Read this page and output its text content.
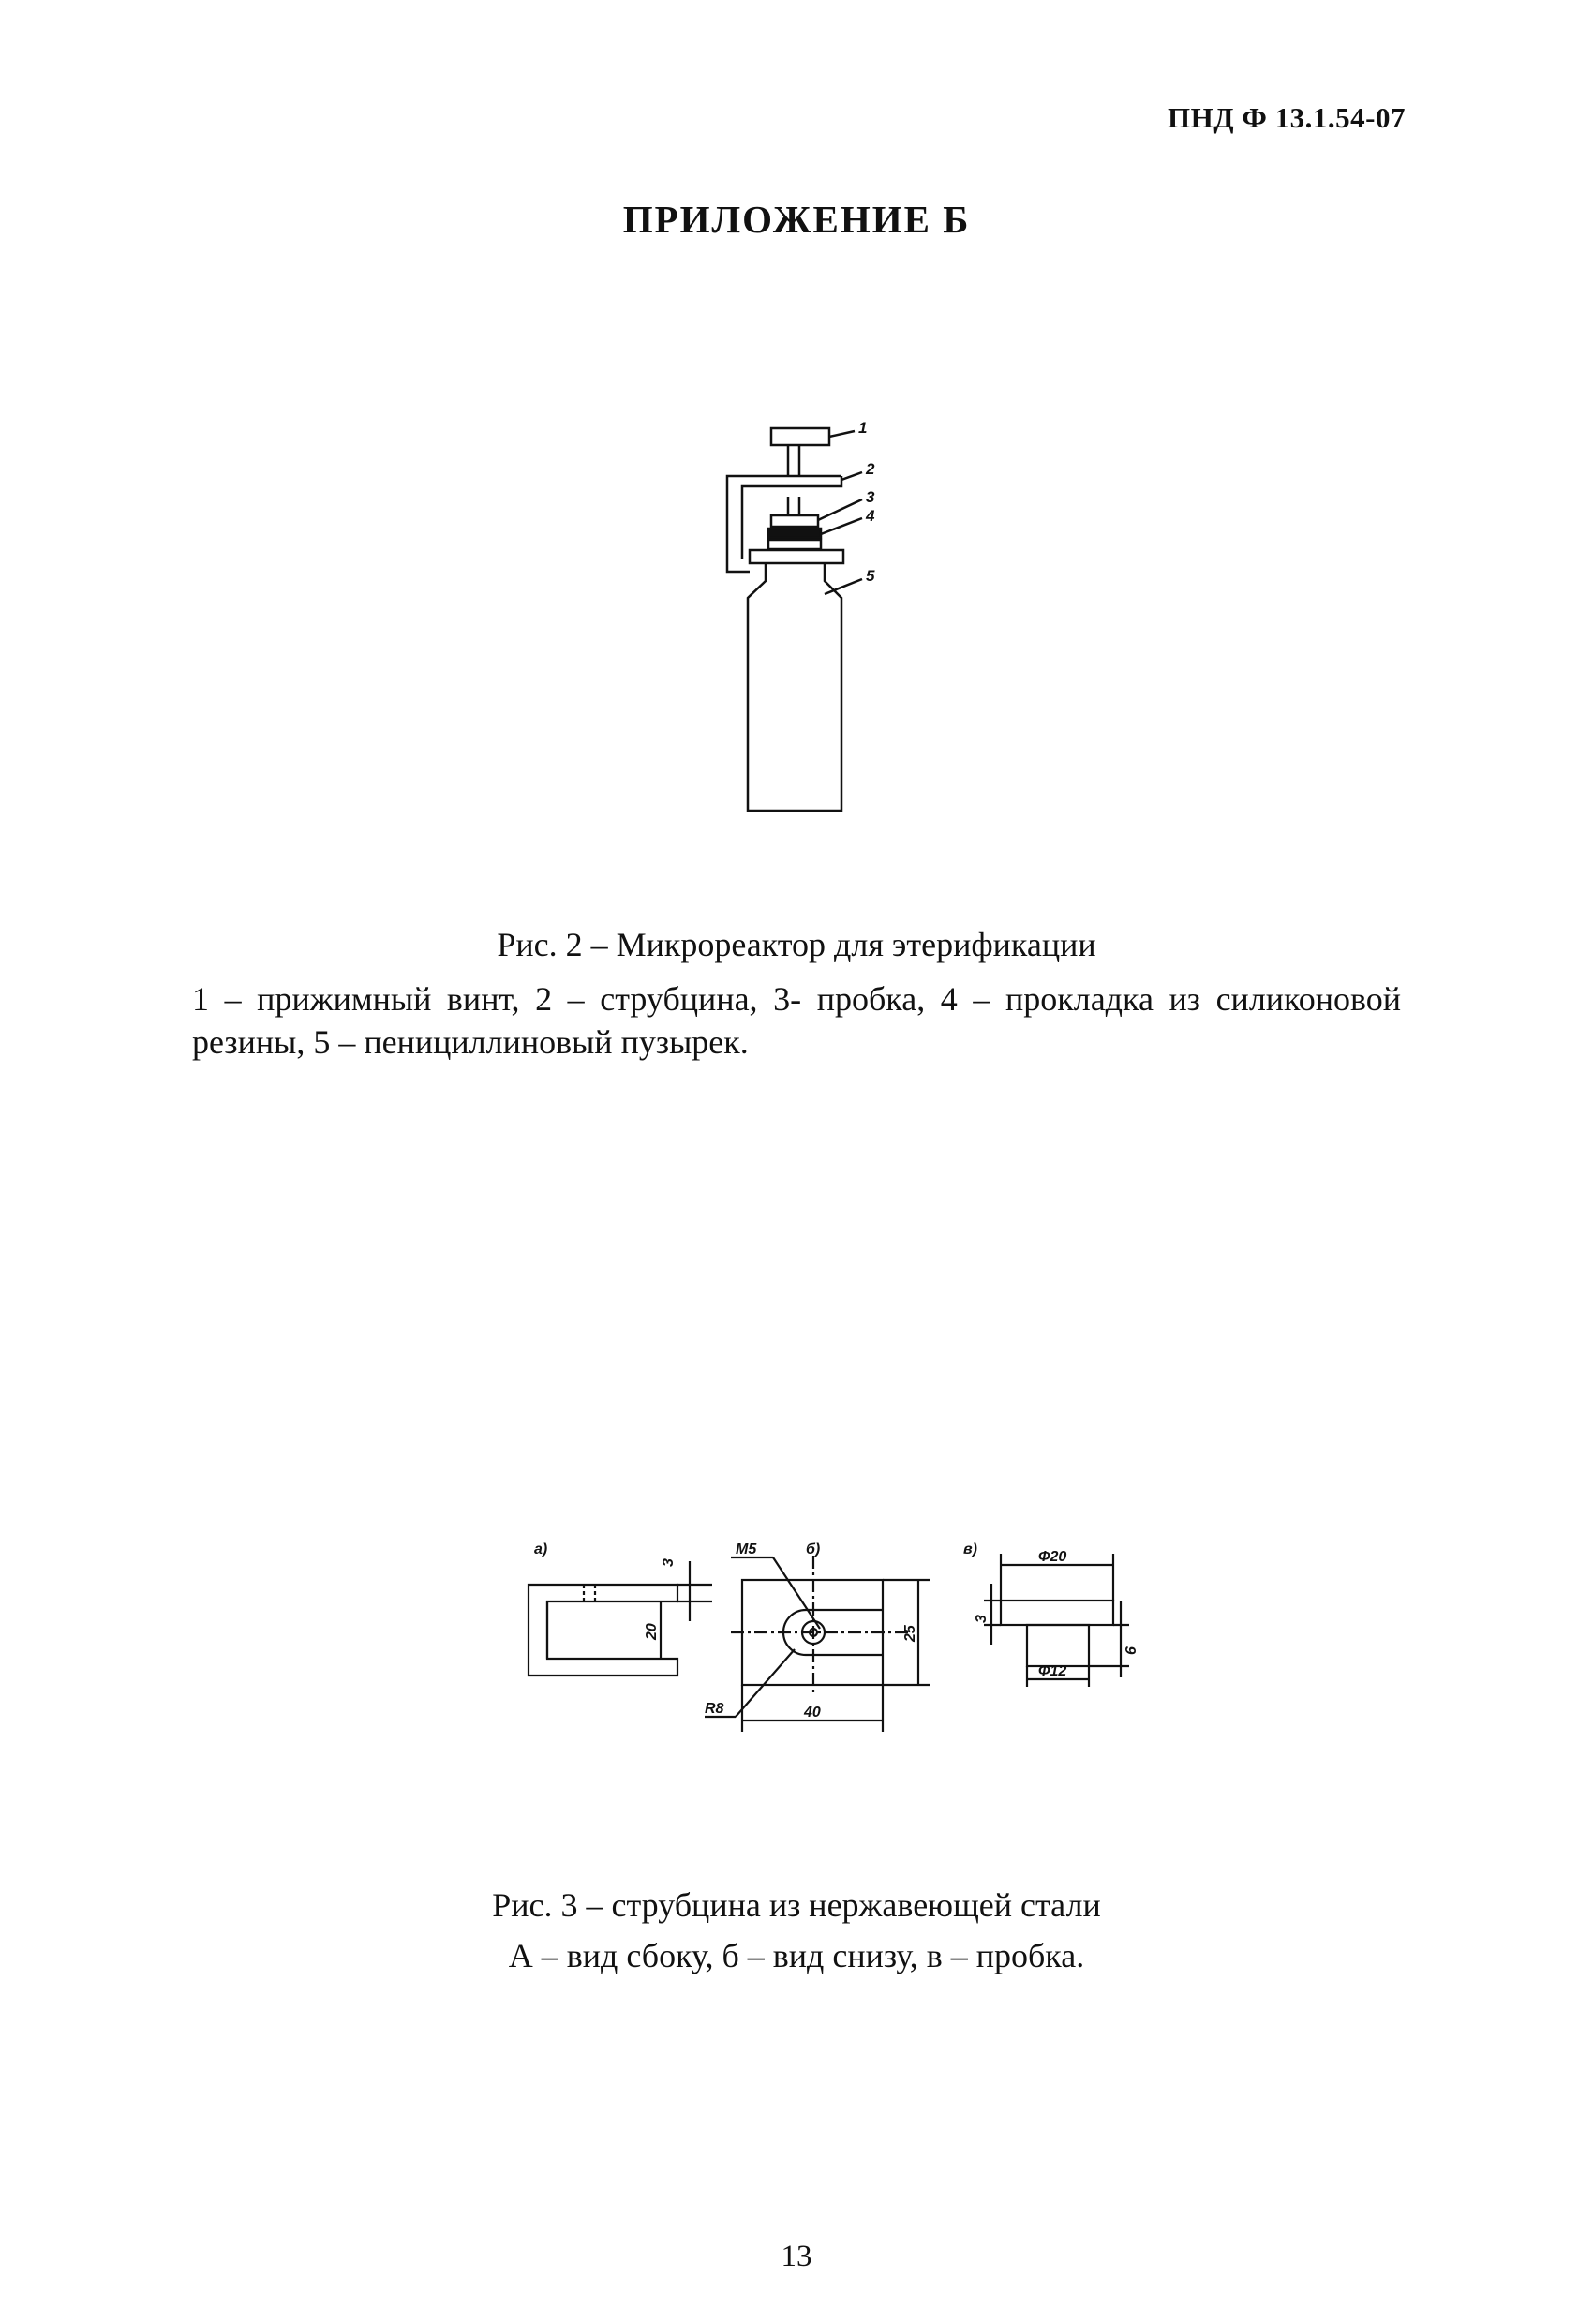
ПНД Ф 13.1.54-07
ПРИЛОЖЕНИЕ Б
1
2
3
4
5
Рис. 2 – Микрореактор для этерификации
1 – прижимный винт, 2 – струбцина, 3- пробка, 4 – прокладка из силиконовой резины, 5 – пенициллиновый пузырек.
а)	б)	в)
3
20
M5
25
R8	40
Ф20
3
Ф12
6
Рис. 3 – струбцина из нержавеющей стали
А – вид сбоку, б – вид снизу, в – пробка.
13
